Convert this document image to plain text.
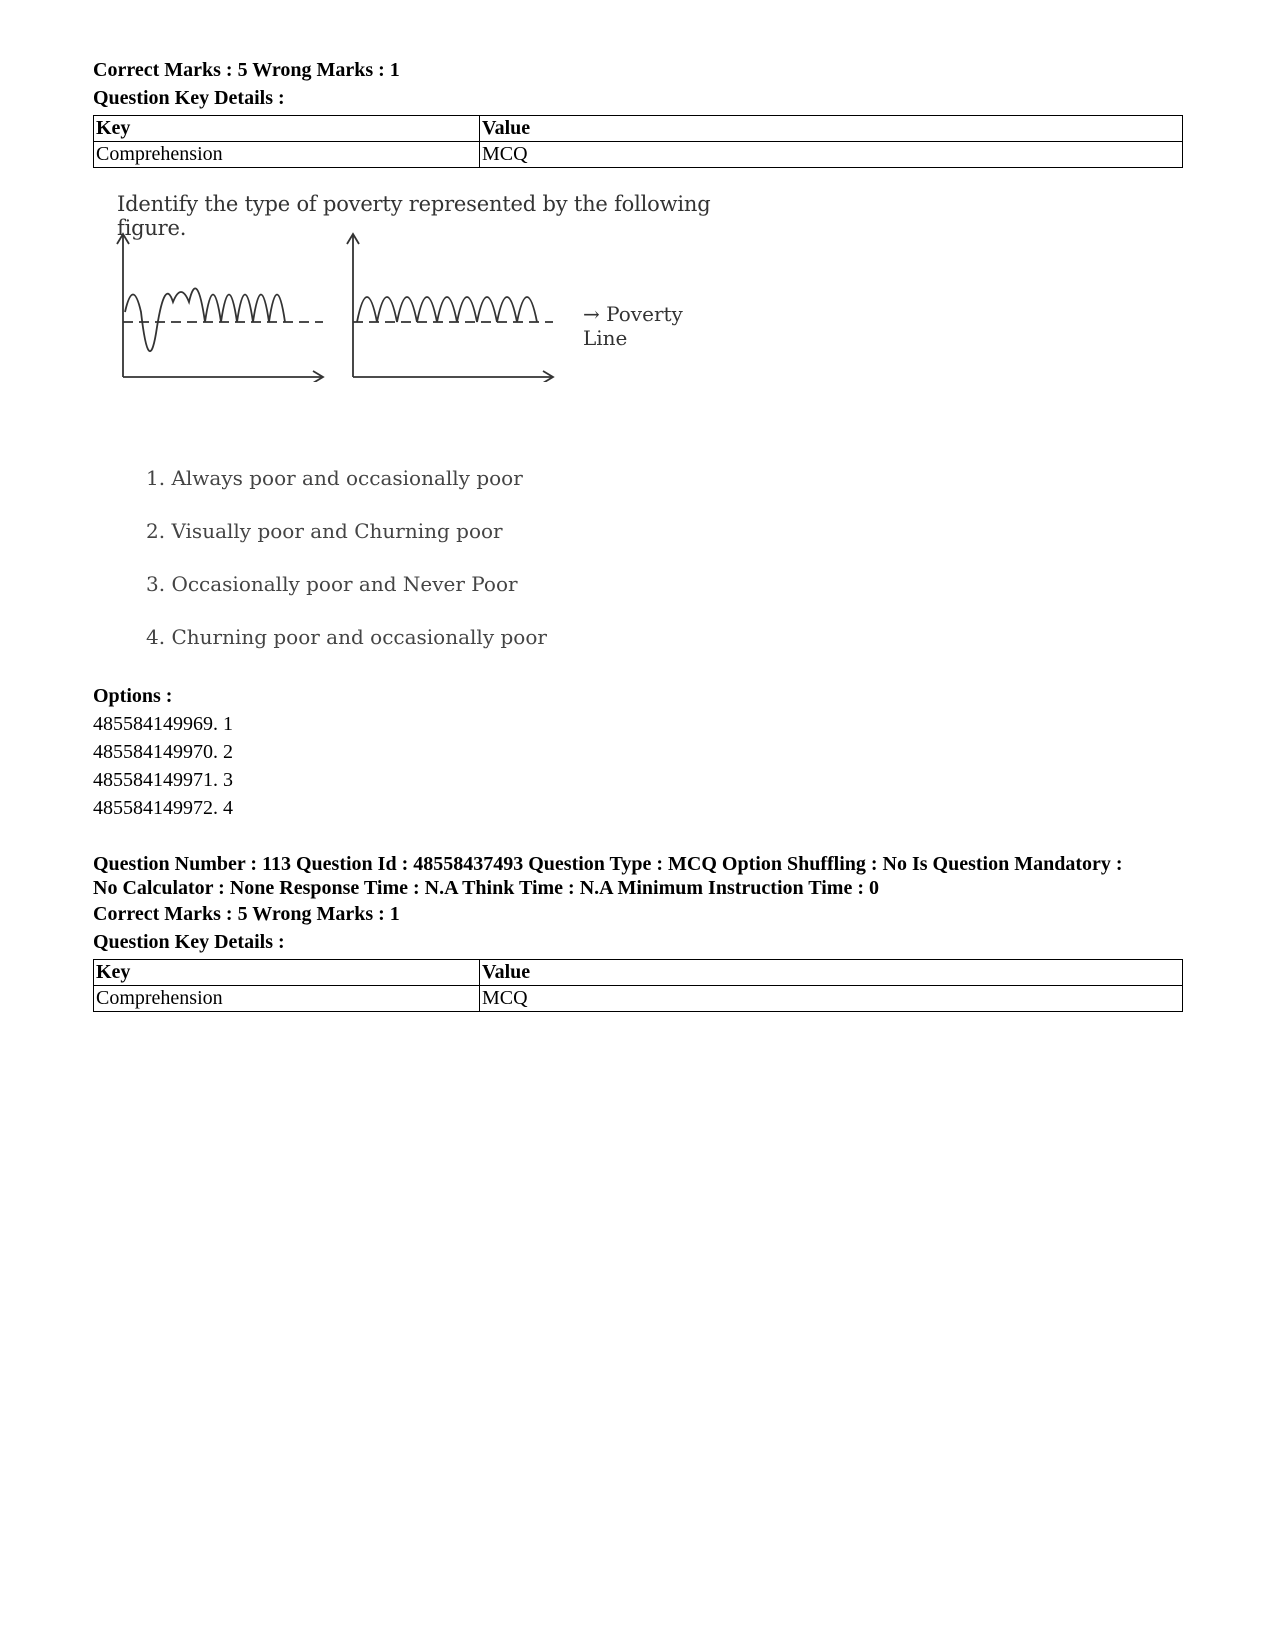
Correct Marks : 5 Wrong Marks : 1

Question Key Details :

Key	Value
Comprehension	MCQ
Identify the type of poverty represented by the following figure.
→ Poverty Line
1. Always poor and occasionally poor
2. Visually poor and Churning poor
3. Occasionally poor and Never Poor
4. Churning poor and occasionally poor

Options :

485584149969. 1

485584149970. 2

485584149971. 3

485584149972. 4

Question Number : 113 Question Id : 48558437493 Question Type : MCQ Option Shuffling : No Is Question Mandatory :

No Calculator : None Response Time : N.A Think Time : N.A Minimum Instruction Time : 0

Correct Marks : 5 Wrong Marks : 1

Question Key Details :

Key	Value
Comprehension	MCQ
